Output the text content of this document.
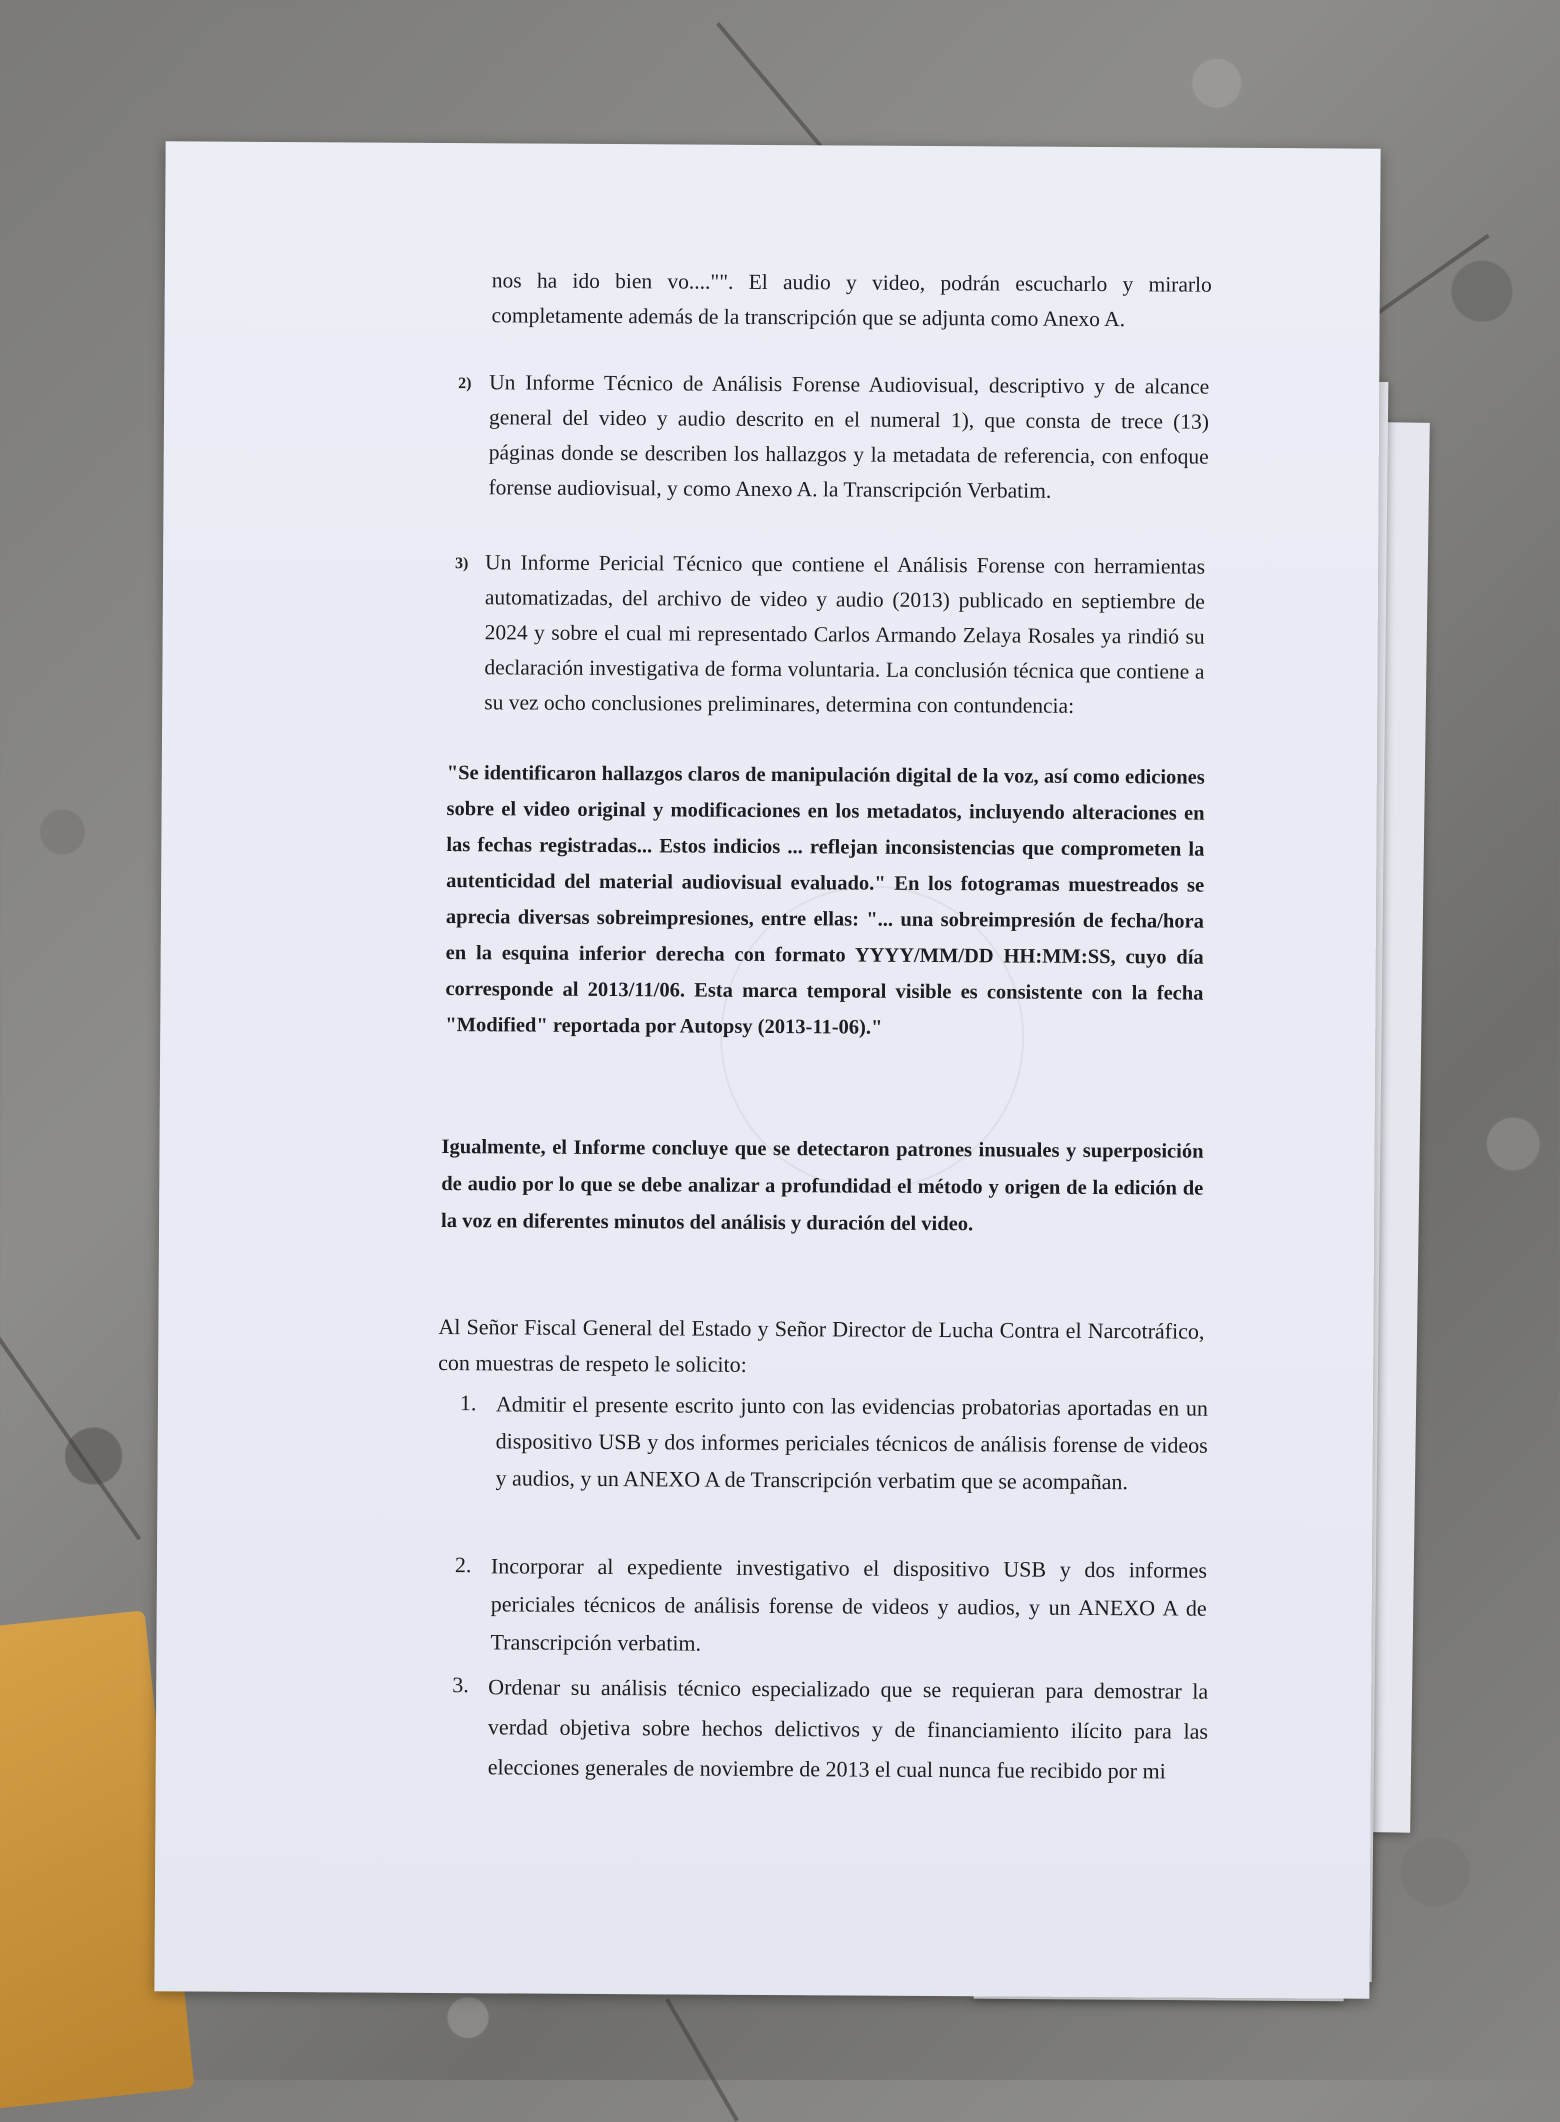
nos ha ido bien vo...."". El audio y video, podrán escucharlo y mirarlo completamente además de la transcripción que se adjunta como Anexo A.

2) Un Informe Técnico de Análisis Forense Audiovisual, descriptivo y de alcance general del video y audio descrito en el numeral 1), que consta de trece (13) páginas donde se describen los hallazgos y la metadata de referencia, con enfoque forense audiovisual, y como Anexo A. la Transcripción Verbatim.

3) Un Informe Pericial Técnico que contiene el Análisis Forense con herramientas automatizadas, del archivo de video y audio (2013) publicado en septiembre de 2024 y sobre el cual mi representado Carlos Armando Zelaya Rosales ya rindió su declaración investigativa de forma voluntaria. La conclusión técnica que contiene a su vez ocho conclusiones preliminares, determina con contundencia:

"Se identificaron hallazgos claros de manipulación digital de la voz, así como ediciones sobre el video original y modificaciones en los metadatos, incluyendo alteraciones en las fechas registradas... Estos indicios ... reflejan inconsistencias que comprometen la autenticidad del material audiovisual evaluado." En los fotogramas muestreados se aprecia diversas sobreimpresiones, entre ellas: "... una sobreimpresión de fecha/hora en la esquina inferior derecha con formato YYYY/MM/DD HH:MM:SS, cuyo día corresponde al 2013/11/06. Esta marca temporal visible es consistente con la fecha "Modified" reportada por Autopsy (2013-11-06)."

Igualmente, el Informe concluye que se detectaron patrones inusuales y superposición de audio por lo que se debe analizar a profundidad el método y origen de la edición de la voz en diferentes minutos del análisis y duración del video.

Al Señor Fiscal General del Estado y Señor Director de Lucha Contra el Narcotráfico, con muestras de respeto le solicito:

1. Admitir el presente escrito junto con las evidencias probatorias aportadas en un dispositivo USB y dos informes periciales técnicos de análisis forense de videos y audios, y un ANEXO A de Transcripción verbatim que se acompañan.

2. Incorporar al expediente investigativo el dispositivo USB y dos informes periciales técnicos de análisis forense de videos y audios, y un ANEXO A de Transcripción verbatim.

3. Ordenar su análisis técnico especializado que se requieran para demostrar la verdad objetiva sobre hechos delictivos y de financiamiento ilícito para las elecciones generales de noviembre de 2013 el cual nunca fue recibido por mi
